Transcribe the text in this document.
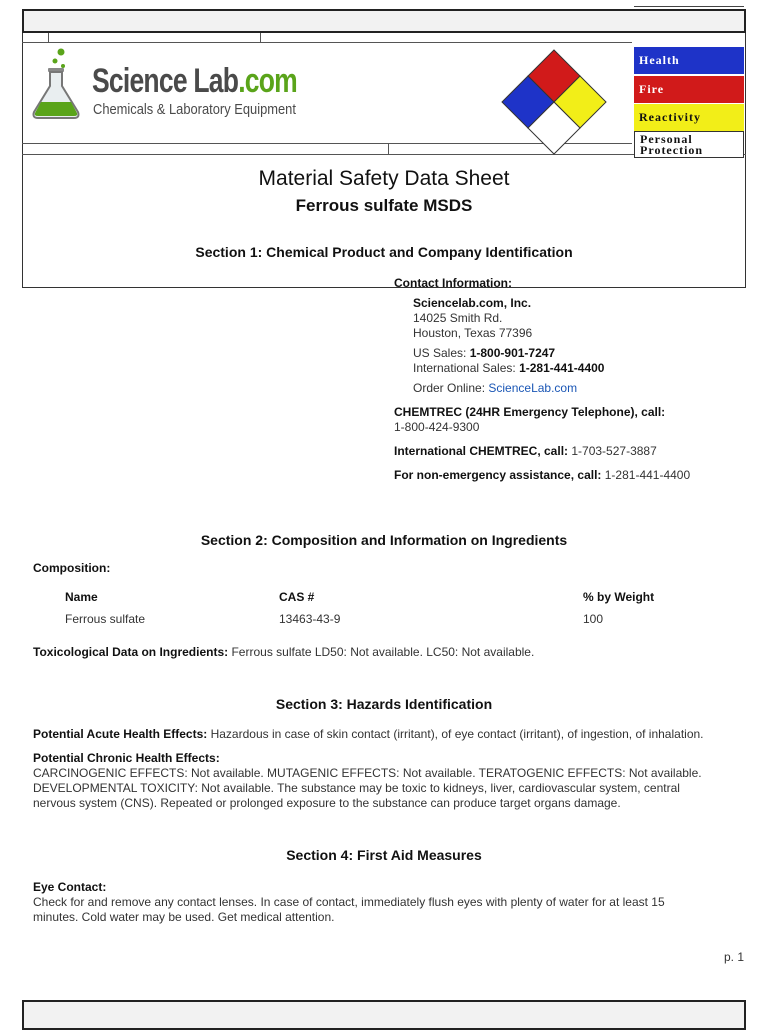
Science Lab.com
Chemicals & Laboratory Equipment
Health
Fire
Reactivity
Personal Protection
Material Safety Data Sheet
Ferrous sulfate MSDS
Section 1: Chemical Product and Company Identification
Contact Information:
Sciencelab.com, Inc.
14025 Smith Rd.
Houston, Texas 77396
US Sales: 1-800-901-7247
International Sales: 1-281-441-4400
Order Online: ScienceLab.com
CHEMTREC (24HR Emergency Telephone), call:
1-800-424-9300
International CHEMTREC, call: 1-703-527-3887
For non-emergency assistance, call: 1-281-441-4400
Section 2: Composition and Information on Ingredients
Composition:
Name	CAS #	% by Weight
Ferrous sulfate	13463-43-9	100
Toxicological Data on Ingredients: Ferrous sulfate LD50: Not available. LC50: Not available.
Section 3: Hazards Identification
Potential Acute Health Effects: Hazardous in case of skin contact (irritant), of eye contact (irritant), of ingestion, of inhalation.
Potential Chronic Health Effects:
CARCINOGENIC EFFECTS: Not available. MUTAGENIC EFFECTS: Not available. TERATOGENIC EFFECTS: Not available.
DEVELOPMENTAL TOXICITY: Not available. The substance may be toxic to kidneys, liver, cardiovascular system, central
nervous system (CNS). Repeated or prolonged exposure to the substance can produce target organs damage.
Section 4: First Aid Measures
Eye Contact:
Check for and remove any contact lenses. In case of contact, immediately flush eyes with plenty of water for at least 15
minutes. Cold water may be used. Get medical attention.
p. 1
